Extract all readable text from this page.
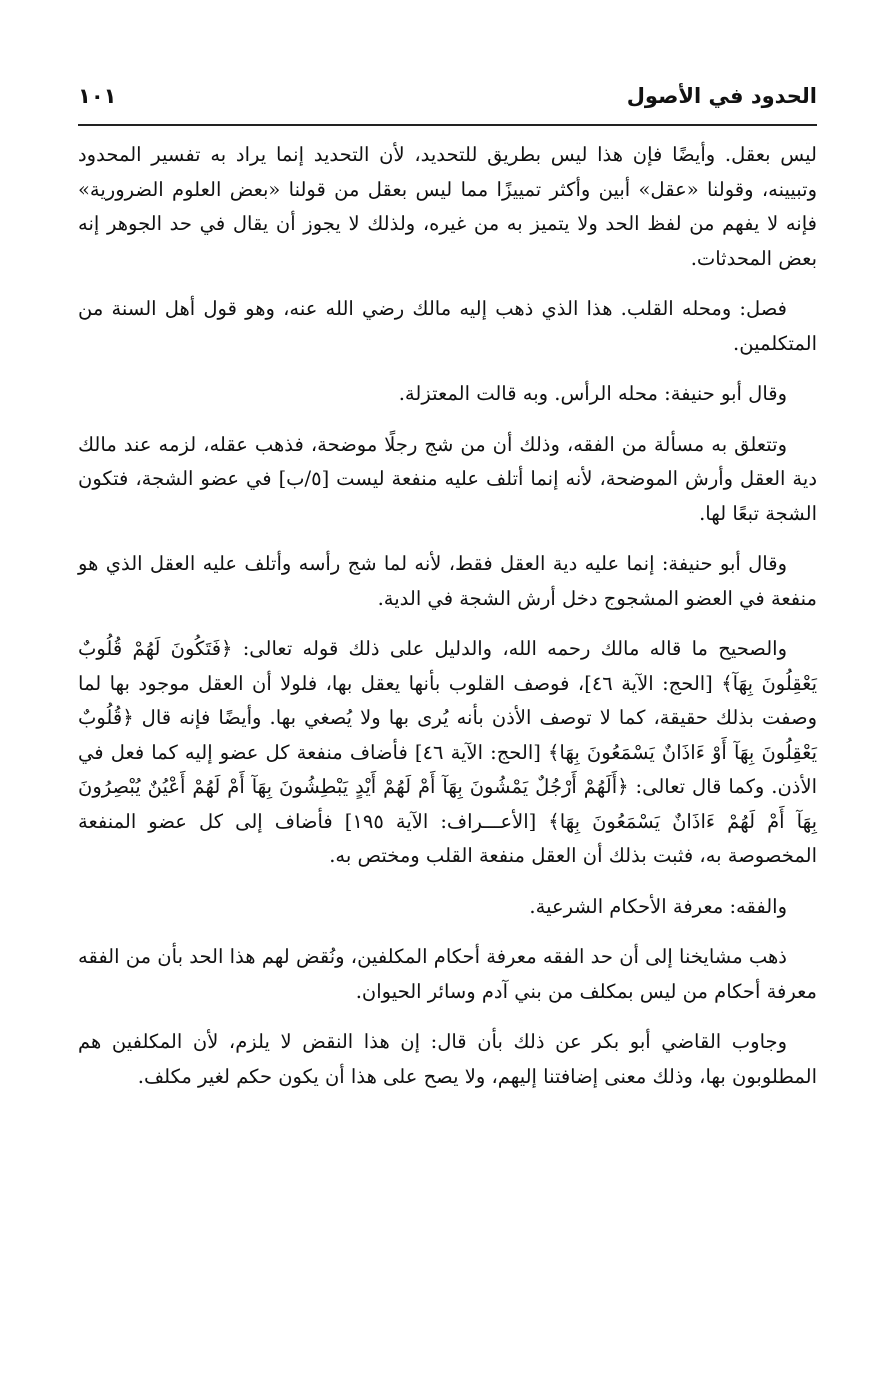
الحدود في الأصول
١٠١

ليس بعقل. وأيضًا فإن هذا ليس بطريق للتحديد، لأن التحديد إنما يراد به تفسير المحدود وتبيينه، وقولنا «عقل» أبين وأكثر تمييزًا مما ليس بعقل من قولنا «بعض العلوم الضرورية» فإنه لا يفهم من لفظ الحد ولا يتميز به من غيره، ولذلك لا يجوز أن يقال في حد الجوهر إنه بعض المحدثات.

فصل: ومحله القلب. هذا الذي ذهب إليه مالك رضي الله عنه، وهو قول أهل السنة من المتكلمين.

وقال أبو حنيفة: محله الرأس. وبه قالت المعتزلة.

وتتعلق به مسألة من الفقه، وذلك أن من شج رجلًا موضحة، فذهب عقله، لزمه عند مالك دية العقل وأرش الموضحة، لأنه إنما أتلف عليه منفعة ليست [٥/ب] في عضو الشجة، فتكون الشجة تبعًا لها.

وقال أبو حنيفة: إنما عليه دية العقل فقط، لأنه لما شج رأسه وأتلف عليه العقل الذي هو منفعة في العضو المشجوج دخل أرش الشجة في الدية.

والصحيح ما قاله مالك رحمه الله، والدليل على ذلك قوله تعالى: ﴿فَتَكُونَ لَهُمْ قُلُوبٌ يَعْقِلُونَ بِهَآ﴾ [الحج: الآية ٤٦]، فوصف القلوب بأنها يعقل بها، فلولا أن العقل موجود بها لما وصفت بذلك حقيقة، كما لا توصف الأذن بأنه يُرى بها ولا يُصغي بها. وأيضًا فإنه قال ﴿قُلُوبٌ يَعْقِلُونَ بِهَآ أَوْ ءَاذَانٌ يَسْمَعُونَ بِهَا﴾ [الحج: الآية ٤٦] فأضاف منفعة كل عضو إليه كما فعل في الأذن. وكما قال تعالى: ﴿أَلَهُمْ أَرْجُلٌ يَمْشُونَ بِهَآ أَمْ لَهُمْ أَيْدٍ يَبْطِشُونَ بِهَآ أَمْ لَهُمْ أَعْيُنٌ يُبْصِرُونَ بِهَآ أَمْ لَهُمْ ءَاذَانٌ يَسْمَعُونَ بِهَا﴾ [الأعـــراف: الآية ١٩٥] فأضاف إلى كل عضو المنفعة المخصوصة به، فثبت بذلك أن العقل منفعة القلب ومختص به.

والفقه: معرفة الأحكام الشرعية.

ذهب مشايخنا إلى أن حد الفقه معرفة أحكام المكلفين، ونُقض لهم هذا الحد بأن من الفقه معرفة أحكام من ليس بمكلف من بني آدم وسائر الحيوان.

وجاوب القاضي أبو بكر عن ذلك بأن قال: إن هذا النقض لا يلزم، لأن المكلفين هم المطلوبون بها، وذلك معنى إضافتنا إليهم، ولا يصح على هذا أن يكون حكم لغير مكلف.
